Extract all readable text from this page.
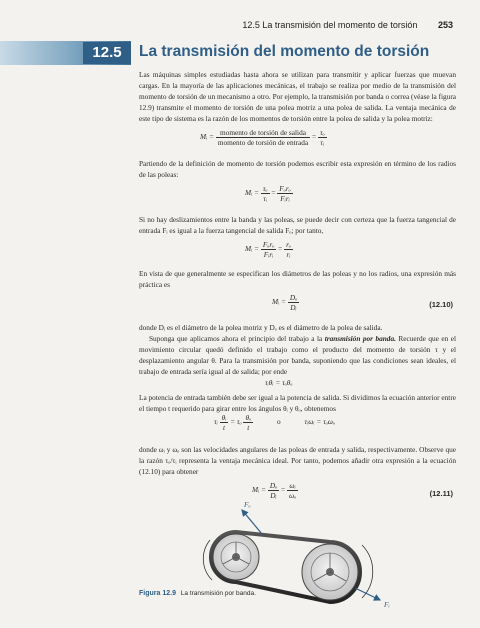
12.5 La transmisión del momento de torsión 253
12.5	La transmisión del momento de torsión

Las máquinas simples estudiadas hasta ahora se utilizan para transmitir y aplicar fuerzas que muevan cargas. En la mayoría de las aplicaciones mecánicas, el trabajo se realiza por medio de la transmisión del momento de torsión de un mecanismo a otro. Por ejemplo, la transmisión por banda o correa (véase la figura 12.9) transmite el momento de torsión de una polea motriz a una polea de salida. La ventaja mecánica de este tipo de sistema es la razón de los momentos de torsión entre la polea de salida y la polea motriz:

Mᵢ = $\frac{\text{momento de torsión de salida}}{\text{momento de torsión de entrada}} = \frac{\text{τₒ}}{\text{τᵢ}}$

Partiendo de la definición de momento de torsión podemos escribir esta expresión en término de los radios de las poleas:

Mᵢ = $\frac{\text{τₒ}}{\text{τᵢ}} = \frac{\text{Fₒrₒ}}{\text{Fᵢrᵢ}}$

Si no hay deslizamientos entre la banda y las poleas, se puede decir con certeza que la fuerza tangencial de entrada Fᵢ es igual a la fuerza tangencial de salida Fₒ; por tanto,

Mᵢ = $\frac{\text{Fₒrₒ}}{\text{Fᵢrᵢ}} = \frac{\text{rₒ}}{\text{rᵢ}}$

En vista de que generalmente se especifican los diámetros de las poleas y no los radios, una expresión más práctica es

Mᵢ = $\frac{\text{Dₒ}}{\text{Dᵢ}}$	(12.10)

donde Dᵢ es el diámetro de la polea motriz y Dₒ es el diámetro de la polea de salida.

Suponga que aplicamos ahora el principio del trabajo a la transmisión por banda. Recuerde que en el movimiento circular quedó definido el trabajo como el producto del momento de torsión τ y el desplazamiento angular θ. Para la transmisión por banda, suponiendo que las condiciones sean ideales, el trabajo de entrada sería igual al de salida; por ende

τᵢθᵢ = τₒθₒ

La potencia de entrada también debe ser igual a la potencia de salida. Si dividimos la ecuación anterior entre el tiempo t requerido para girar entre los ángulos θᵢ y θₒ, obtenemos

τᵢ $\frac{\text{θᵢ}}{t} = \tau_o \frac{\text{θₒ}}{t}$	o	τᵢωᵢ = τₒωₒ

donde ωᵢ y ωₒ son las velocidades angulares de las poleas de entrada y salida, respectivamente. Observe que la razón τₒ/τᵢ representa la ventaja mecánica ideal. Por tanto, podemos añadir otra expresión a la ecuación (12.10) para obtener

Mᵢ = $\frac{\text{Dₒ}}{\text{Dᵢ}} = \frac{\text{ωᵢ}}{\text{ωₒ}}$	(12.11)
Fₒ
Fᵢ
Figura 12.9 La transmisión por banda.
